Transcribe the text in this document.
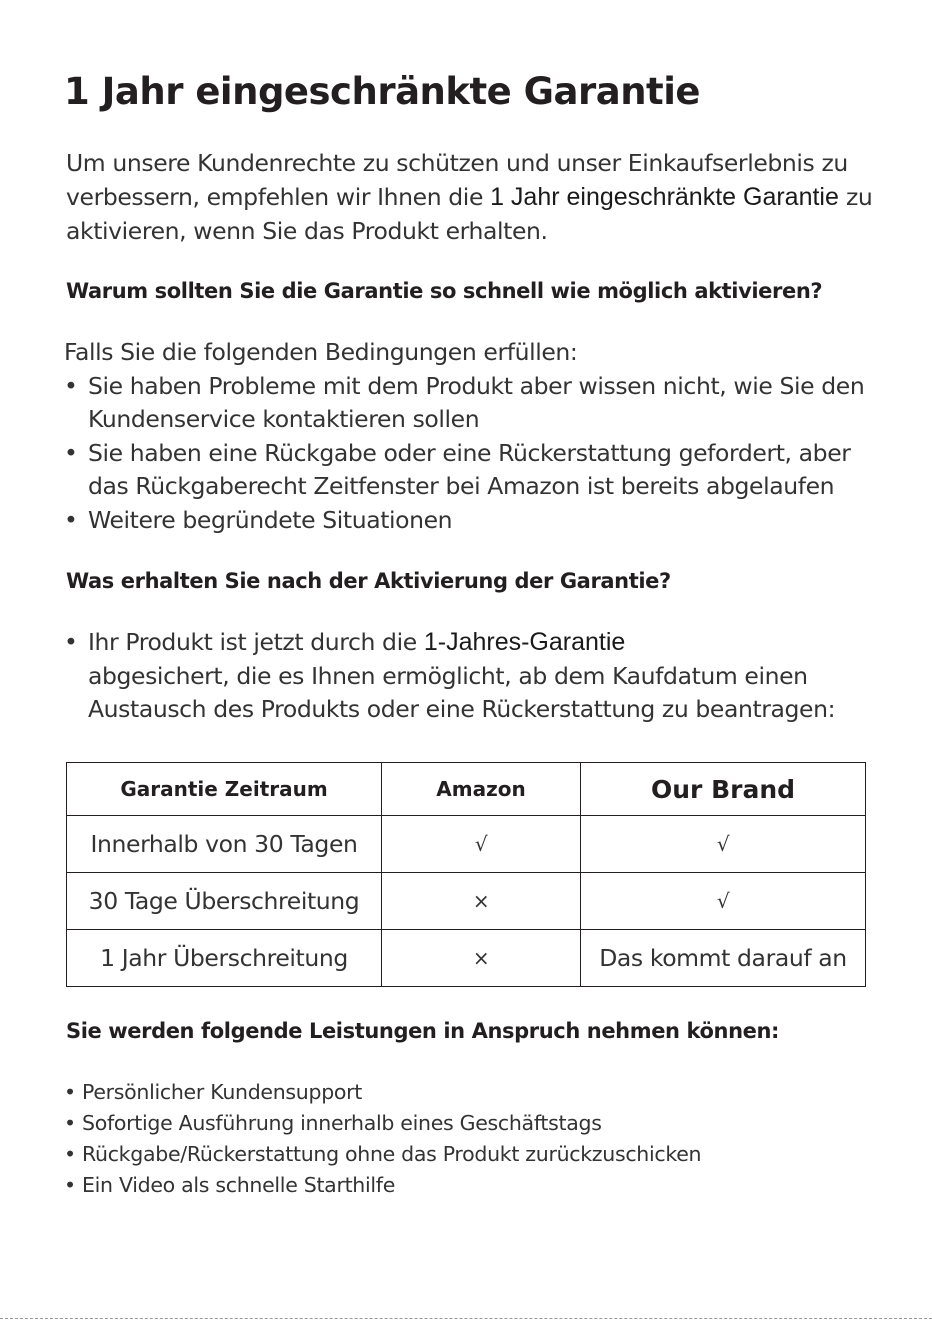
1 Jahr eingeschränkte Garantie

Um unsere Kundenrechte zu schützen und unser Einkaufserlebnis zu verbessern, empfehlen wir Ihnen die 1 Jahr eingeschränkte Garantie zu aktivieren, wenn Sie das Produkt erhalten.

Warum sollten Sie die Garantie so schnell wie möglich aktivieren?
Falls Sie die folgenden Bedingungen erfüllen:
• Sie haben Probleme mit dem Produkt aber wissen nicht, wie Sie den
Kundenservice kontaktieren sollen
• Sie haben eine Rückgabe oder eine Rückerstattung gefordert, aber
das Rückgaberecht Zeitfenster bei Amazon ist bereits abgelaufen
• Weitere begründete Situationen
Was erhalten Sie nach der Aktivierung der Garantie?
• Ihr Produkt ist jetzt durch die 1-Jahres-Garantie
abgesichert, die es Ihnen ermöglicht, ab dem Kaufdatum einen
Austausch des Produkts oder eine Rückerstattung zu beantragen:
Garantie Zeitraum	Amazon	Our Brand
Innerhalb von 30 Tagen	√	√
30 Tage Überschreitung	×	√
1 Jahr Überschreitung	×	Das kommt darauf an
Sie werden folgende Leistungen in Anspruch nehmen können:
• Persönlicher Kundensupport
• Sofortige Ausführung innerhalb eines Geschäftstags
• Rückgabe/Rückerstattung ohne das Produkt zurückzuschicken
• Ein Video als schnelle Starthilfe
